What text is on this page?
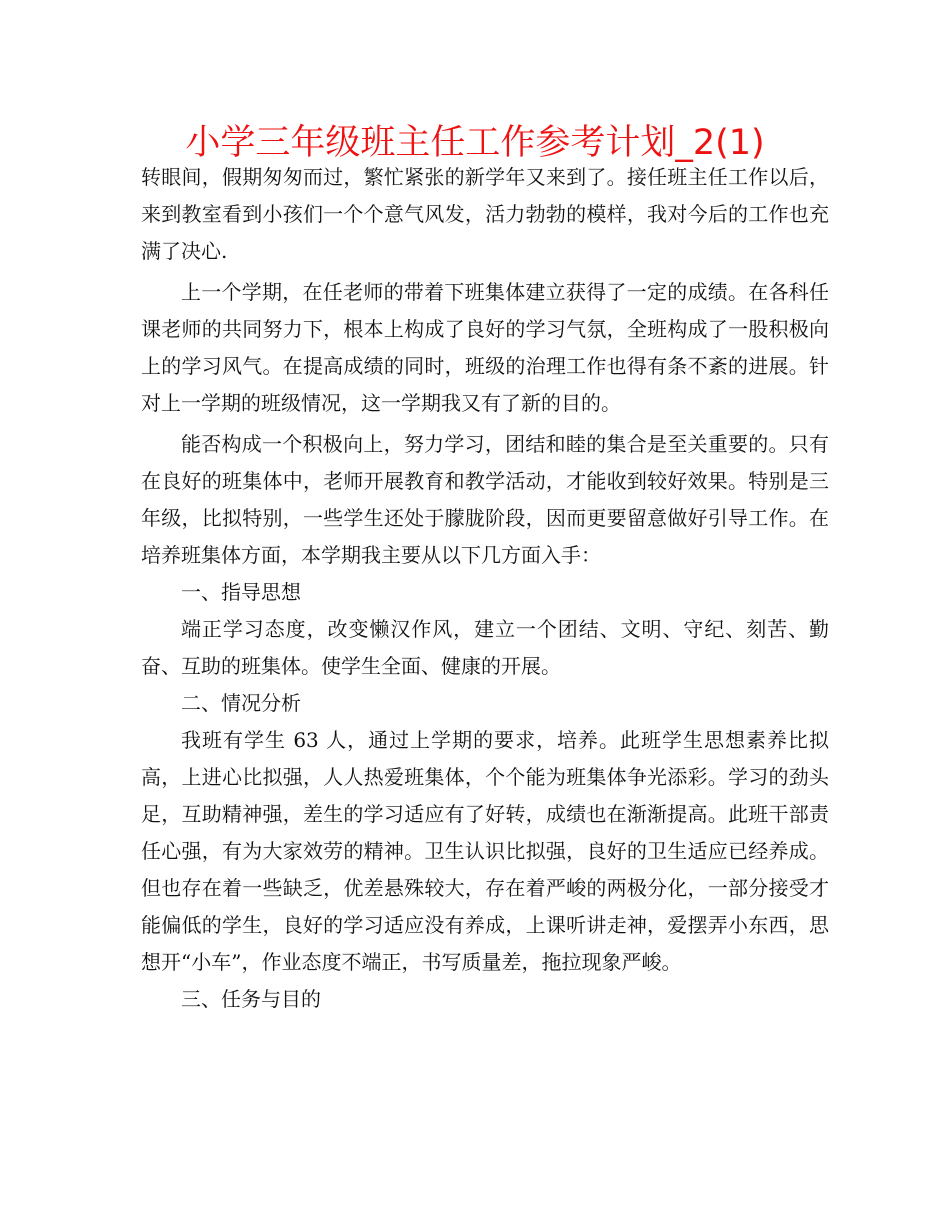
小学三年级班主任工作参考计划_2(1)

转眼间，假期匆匆而过，繁忙紧张的新学年又来到了。接任班主任工作以后，来到教室看到小孩们一个个意气风发，活力勃勃的模样，我对今后的工作也充满了决心.

上一个学期，在任老师的带着下班集体建立获得了一定的成绩。在各科任课老师的共同努力下，根本上构成了良好的学习气氛，全班构成了一股积极向上的学习风气。在提高成绩的同时，班级的治理工作也得有条不紊的进展。针对上一学期的班级情况，这一学期我又有了新的目的。

能否构成一个积极向上，努力学习，团结和睦的集合是至关重要的。只有在良好的班集体中，老师开展教育和教学活动，才能收到较好效果。特别是三年级，比拟特别，一些学生还处于朦胧阶段，因而更要留意做好引导工作。在培养班集体方面，本学期我主要从以下几方面入手：

一、指导思想

端正学习态度，改变懒汉作风，建立一个团结、文明、守纪、刻苦、勤奋、互助的班集体。使学生全面、健康的开展。

二、情况分析

我班有学生 63 人，通过上学期的要求，培养。此班学生思想素养比拟高，上进心比拟强，人人热爱班集体，个个能为班集体争光添彩。学习的劲头足，互助精神强，差生的学习适应有了好转，成绩也在渐渐提高。此班干部责任心强，有为大家效劳的精神。卫生认识比拟强，良好的卫生适应已经养成。但也存在着一些缺乏，优差悬殊较大，存在着严峻的两极分化，一部分接受才能偏低的学生，良好的学习适应没有养成，上课听讲走神，爱摆弄小东西，思想开“小车”，作业态度不端正，书写质量差，拖拉现象严峻。

三、任务与目的
